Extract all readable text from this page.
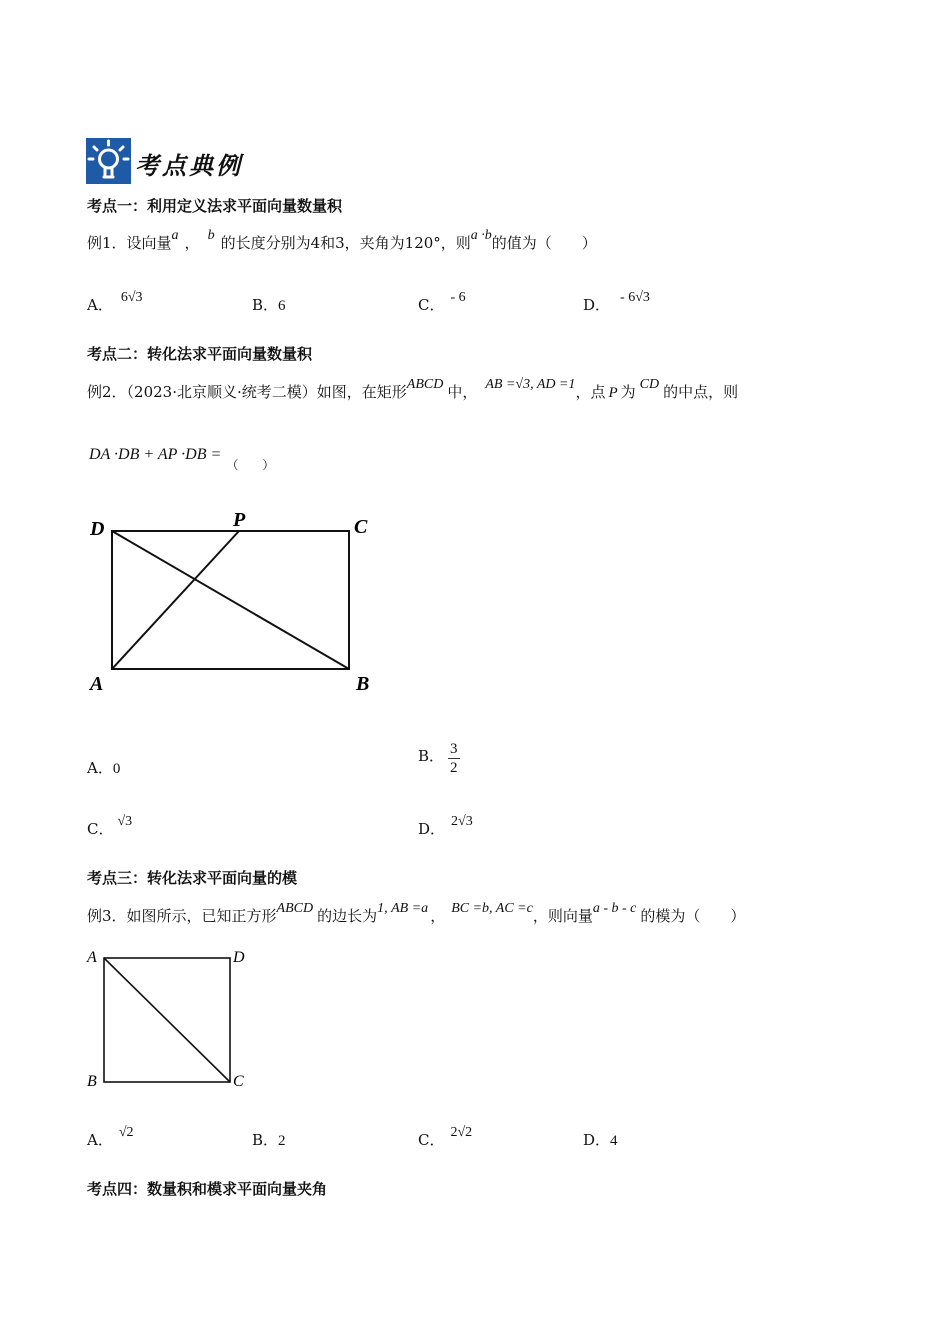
考点典例
考点一：利用定义法求平面向量数量积
例1．设向量a ， b 的长度分别为4和3，夹角为120°，则a ·b的值为（　　）
A． 6√3	B．6	C． - 6	D． - 6√3
考点二：转化法求平面向量数量积
例2．（2023·北京顺义·统考二模）如图，在矩形ABCD 中， AB =√3, AD =1，点 P 为 CD 的中点，则
DA ·DB + AP ·DB = $_{( )}$
D	P	C
A	B
A．0
B． $\frac{3}{2}$
C． √3	D． 2√3
考点三：转化法求平面向量的模
例3．如图所示，已知正方形ABCD 的边长为1, AB =a ， BC =b, AC =c，则向量a - b - c 的模为（　　）
A	D
B	C
A． √2	B．2	C． 2√2	D．4
考点四：数量积和模求平面向量夹角
